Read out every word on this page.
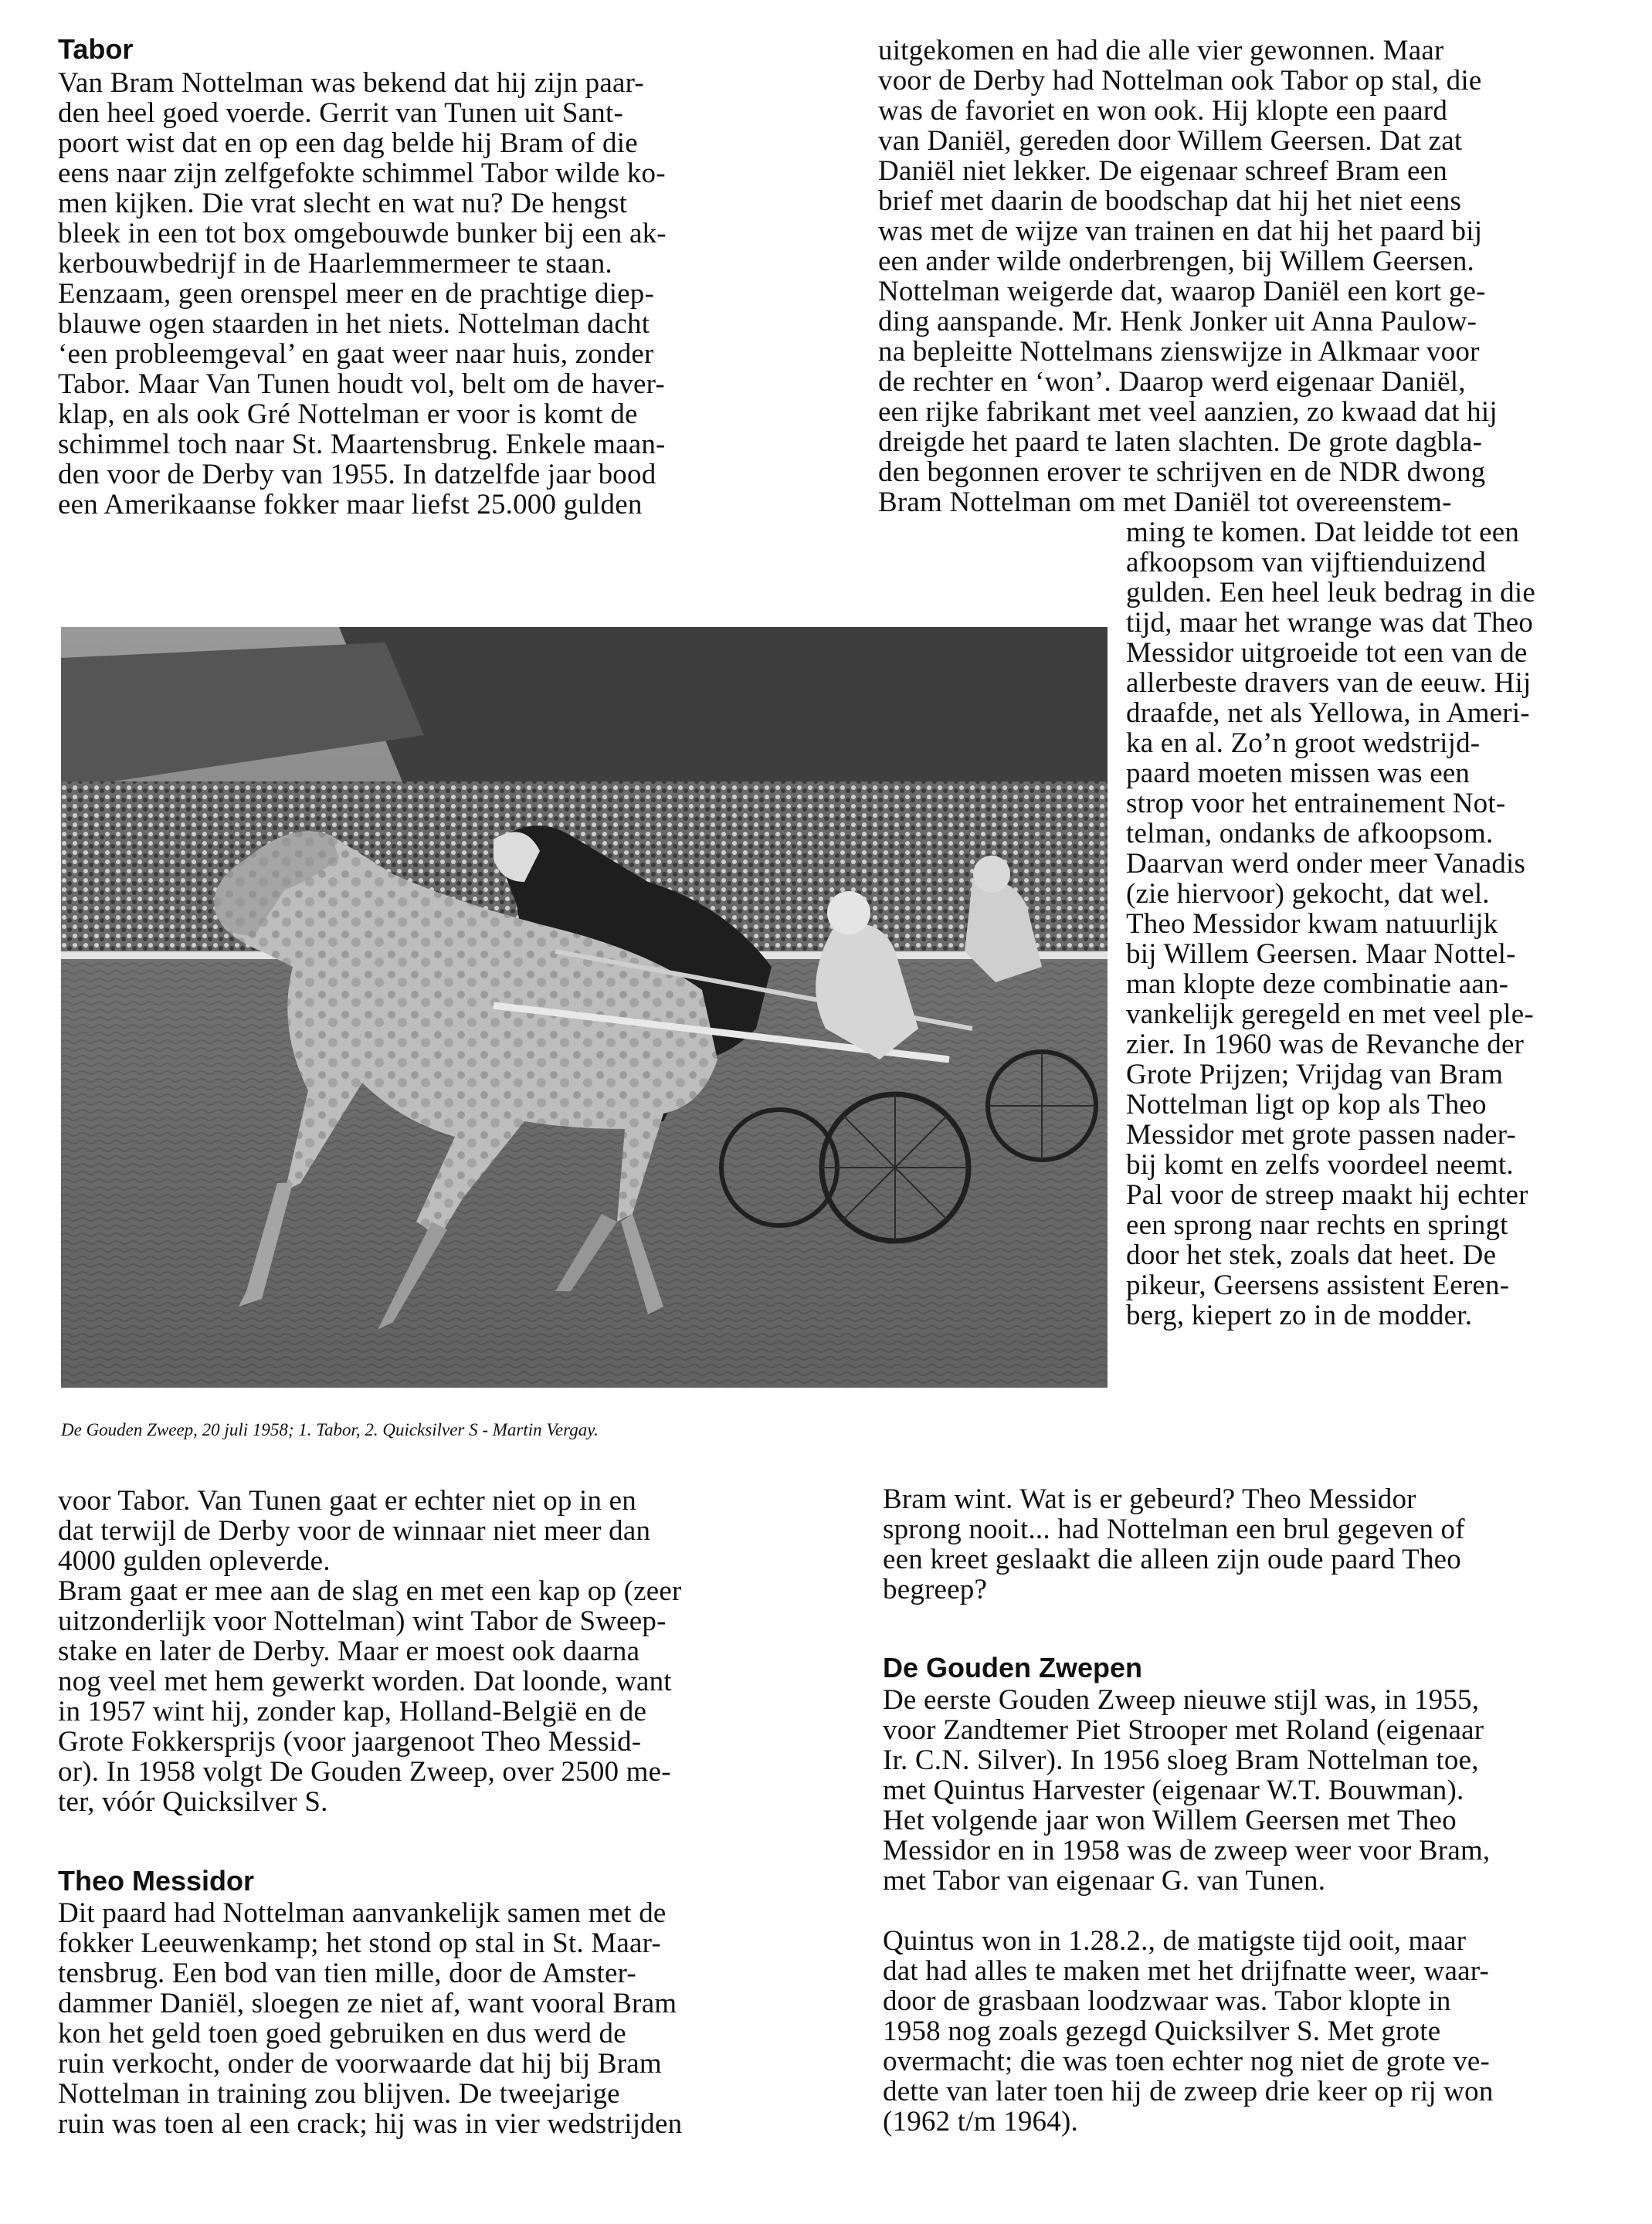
Tabor
Van Bram Nottelman was bekend dat hij zijn paar-
den heel goed voerde. Gerrit van Tunen uit Sant-
poort wist dat en op een dag belde hij Bram of die
eens naar zijn zelfgefokte schimmel Tabor wilde ko-
men kijken. Die vrat slecht en wat nu? De hengst
bleek in een tot box omgebouwde bunker bij een ak-
kerbouwbedrijf in de Haarlemmermeer te staan.
Eenzaam, geen orenspel meer en de prachtige diep-
blauwe ogen staarden in het niets. Nottelman dacht
‘een probleemgeval’ en gaat weer naar huis, zonder
Tabor. Maar Van Tunen houdt vol, belt om de haver-
klap, en als ook Gré Nottelman er voor is komt de
schimmel toch naar St. Maartensbrug. Enkele maan-
den voor de Derby van 1955. In datzelfde jaar bood
een Amerikaanse fokker maar liefst 25.000 gulden
De Gouden Zweep, 20 juli 1958; 1. Tabor, 2. Quicksilver S - Martin Vergay.
voor Tabor. Van Tunen gaat er echter niet op in en
dat terwijl de Derby voor de winnaar niet meer dan
4000 gulden opleverde.
Bram gaat er mee aan de slag en met een kap op (zeer
uitzonderlijk voor Nottelman) wint Tabor de Sweep-
stake en later de Derby. Maar er moest ook daarna
nog veel met hem gewerkt worden. Dat loonde, want
in 1957 wint hij, zonder kap, Holland-België en de
Grote Fokkersprijs (voor jaargenoot Theo Messid-
or). In 1958 volgt De Gouden Zweep, over 2500 me-
ter, vóór Quicksilver S.
Theo Messidor
Dit paard had Nottelman aanvankelijk samen met de
fokker Leeuwenkamp; het stond op stal in St. Maar-
tensbrug. Een bod van tien mille, door de Amster-
dammer Daniël, sloegen ze niet af, want vooral Bram
kon het geld toen goed gebruiken en dus werd de
ruin verkocht, onder de voorwaarde dat hij bij Bram
Nottelman in training zou blijven. De tweejarige
ruin was toen al een crack; hij was in vier wedstrijden
uitgekomen en had die alle vier gewonnen. Maar
voor de Derby had Nottelman ook Tabor op stal, die
was de favoriet en won ook. Hij klopte een paard
van Daniël, gereden door Willem Geersen. Dat zat
Daniël niet lekker. De eigenaar schreef Bram een
brief met daarin de boodschap dat hij het niet eens
was met de wijze van trainen en dat hij het paard bij
een ander wilde onderbrengen, bij Willem Geersen.
Nottelman weigerde dat, waarop Daniël een kort ge-
ding aanspande. Mr. Henk Jonker uit Anna Paulow-
na bepleitte Nottelmans zienswijze in Alkmaar voor
de rechter en ‘won’. Daarop werd eigenaar Daniël,
een rijke fabrikant met veel aanzien, zo kwaad dat hij
dreigde het paard te laten slachten. De grote dagbla-
den begonnen erover te schrijven en de NDR dwong
Bram Nottelman om met Daniël tot overeenstem-
ming te komen. Dat leidde tot een
afkoopsom van vijftienduizend
gulden. Een heel leuk bedrag in die
tijd, maar het wrange was dat Theo
Messidor uitgroeide tot een van de
allerbeste dravers van de eeuw. Hij
draafde, net als Yellowa, in Ameri-
ka en al. Zo’n groot wedstrijd-
paard moeten missen was een
strop voor het entrainement Not-
telman, ondanks de afkoopsom.
Daarvan werd onder meer Vanadis
(zie hiervoor) gekocht, dat wel.
Theo Messidor kwam natuurlijk
bij Willem Geersen. Maar Nottel-
man klopte deze combinatie aan-
vankelijk geregeld en met veel ple-
zier. In 1960 was de Revanche der
Grote Prijzen; Vrijdag van Bram
Nottelman ligt op kop als Theo
Messidor met grote passen nader-
bij komt en zelfs voordeel neemt.
Pal voor de streep maakt hij echter
een sprong naar rechts en springt
door het stek, zoals dat heet. De
pikeur, Geersens assistent Eeren-
berg, kiepert zo in de modder.
Bram wint. Wat is er gebeurd? Theo Messidor
sprong nooit... had Nottelman een brul gegeven of
een kreet geslaakt die alleen zijn oude paard Theo
begreep?
De Gouden Zwepen
De eerste Gouden Zweep nieuwe stijl was, in 1955,
voor Zandtemer Piet Strooper met Roland (eigenaar
Ir. C.N. Silver). In 1956 sloeg Bram Nottelman toe,
met Quintus Harvester (eigenaar W.T. Bouwman).
Het volgende jaar won Willem Geersen met Theo
Messidor en in 1958 was de zweep weer voor Bram,
met Tabor van eigenaar G. van Tunen.

Quintus won in 1.28.2., de matigste tijd ooit, maar
dat had alles te maken met het drijfnatte weer, waar-
door de grasbaan loodzwaar was. Tabor klopte in
1958 nog zoals gezegd Quicksilver S. Met grote
overmacht; die was toen echter nog niet de grote ve-
dette van later toen hij de zweep drie keer op rij won
(1962 t/m 1964).
